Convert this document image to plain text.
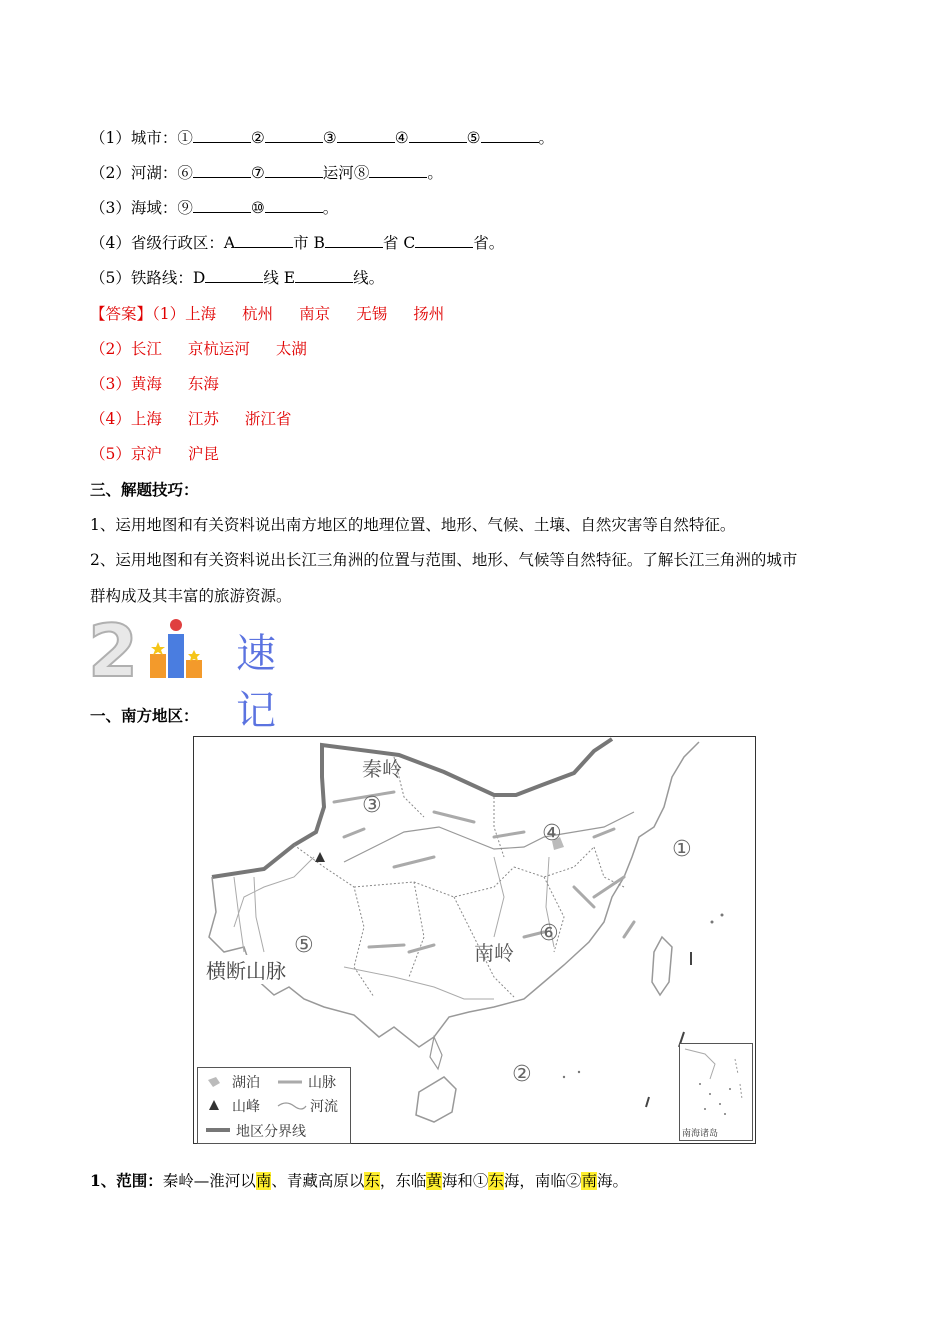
（1）城市：①	②	③	④	⑤	。
（2）河湖：⑥	⑦	运河⑧	。
（3）海域：⑨	⑩	。
（4）省级行政区：A	市 B	省 C	省。
（5）铁路线：D	线 E	线。
【答案】（1）上海 杭州 南京 无锡 扬州
（2）长江 京杭运河 太湖
（3）黄海 东海
（4）上海 江苏 浙江省
（5）京沪 沪昆
三、解题技巧：
1、运用地图和有关资料说出南方地区的地理位置、地形、气候、土壤、自然灾害等自然特征。
2、运用地图和有关资料说出长江三角洲的位置与范围、地形、气候等自然特征。了解长江三角洲的城市
群构成及其丰富的旅游资源。
2 速记
一、南方地区：
秦岭
南岭
横断山脉
①
②
③
④
⑤	⑥
湖泊	山脉
山峰	河流
地区分界线	南海诸岛
1、范围：秦岭—淮河以南、青藏高原以东，东临黄海和①东海，南临②南海。
